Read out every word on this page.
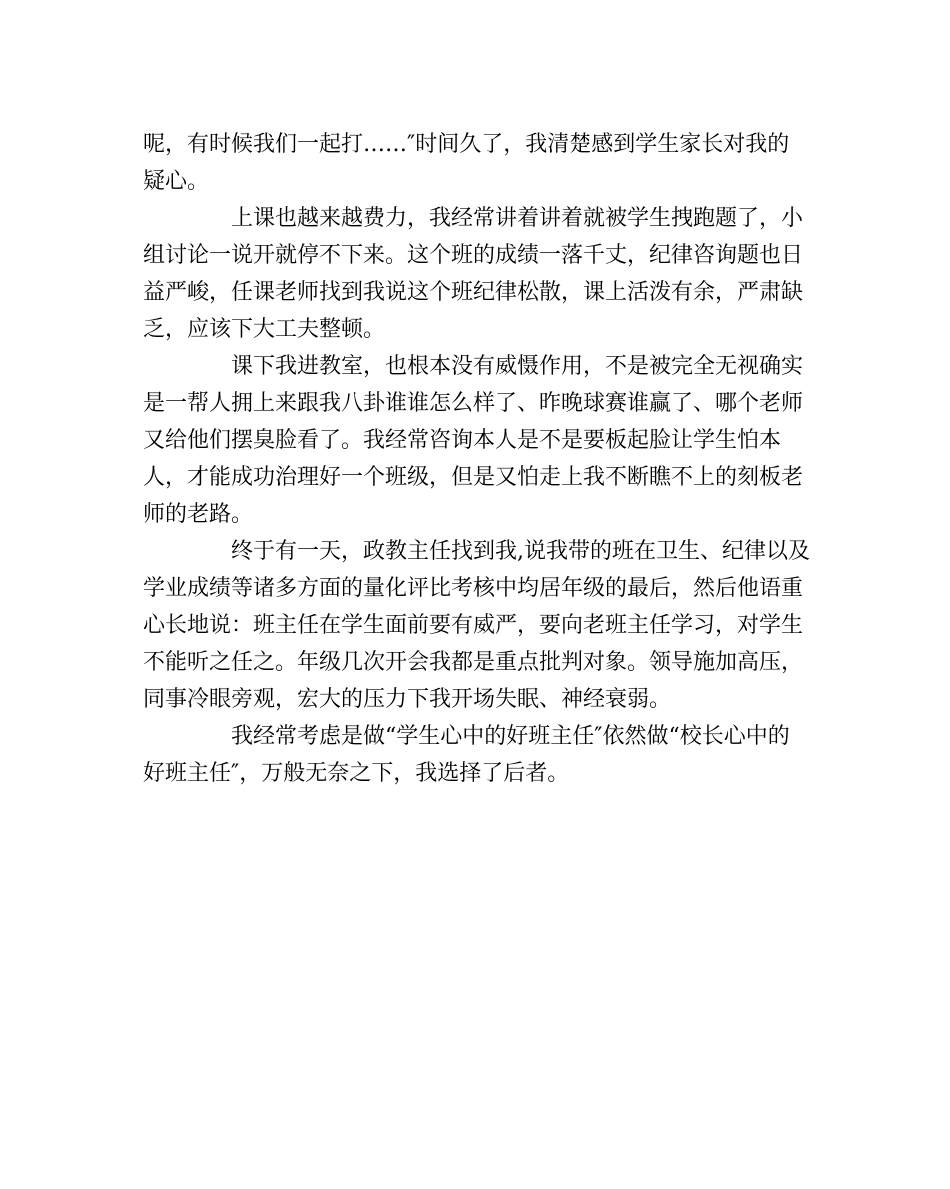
呢，有时候我们一起打……″时间久了，我清楚感到学生家长对我的
疑心。
上课也越来越费力，我经常讲着讲着就被学生拽跑题了，小
组讨论一说开就停不下来。这个班的成绩一落千丈，纪律咨询题也日
益严峻，任课老师找到我说这个班纪律松散，课上活泼有余，严肃缺
乏，应该下大工夫整顿。
课下我进教室，也根本没有威慑作用，不是被完全无视确实
是一帮人拥上来跟我八卦谁谁怎么样了、昨晚球赛谁赢了、哪个老师
又给他们摆臭脸看了。我经常咨询本人是不是要板起脸让学生怕本
人，才能成功治理好一个班级，但是又怕走上我不断瞧不上的刻板老
师的老路。
终于有一天，政教主任找到我,说我带的班在卫生、纪律以及
学业成绩等诸多方面的量化评比考核中均居年级的最后，然后他语重
心长地说：班主任在学生面前要有威严，要向老班主任学习，对学生
不能听之任之。年级几次开会我都是重点批判对象。领导施加高压，
同事冷眼旁观，宏大的压力下我开场失眠、神经衰弱。
我经常考虑是做“学生心中的好班主任″依然做“校长心中的
好班主任″，万般无奈之下，我选择了后者。
